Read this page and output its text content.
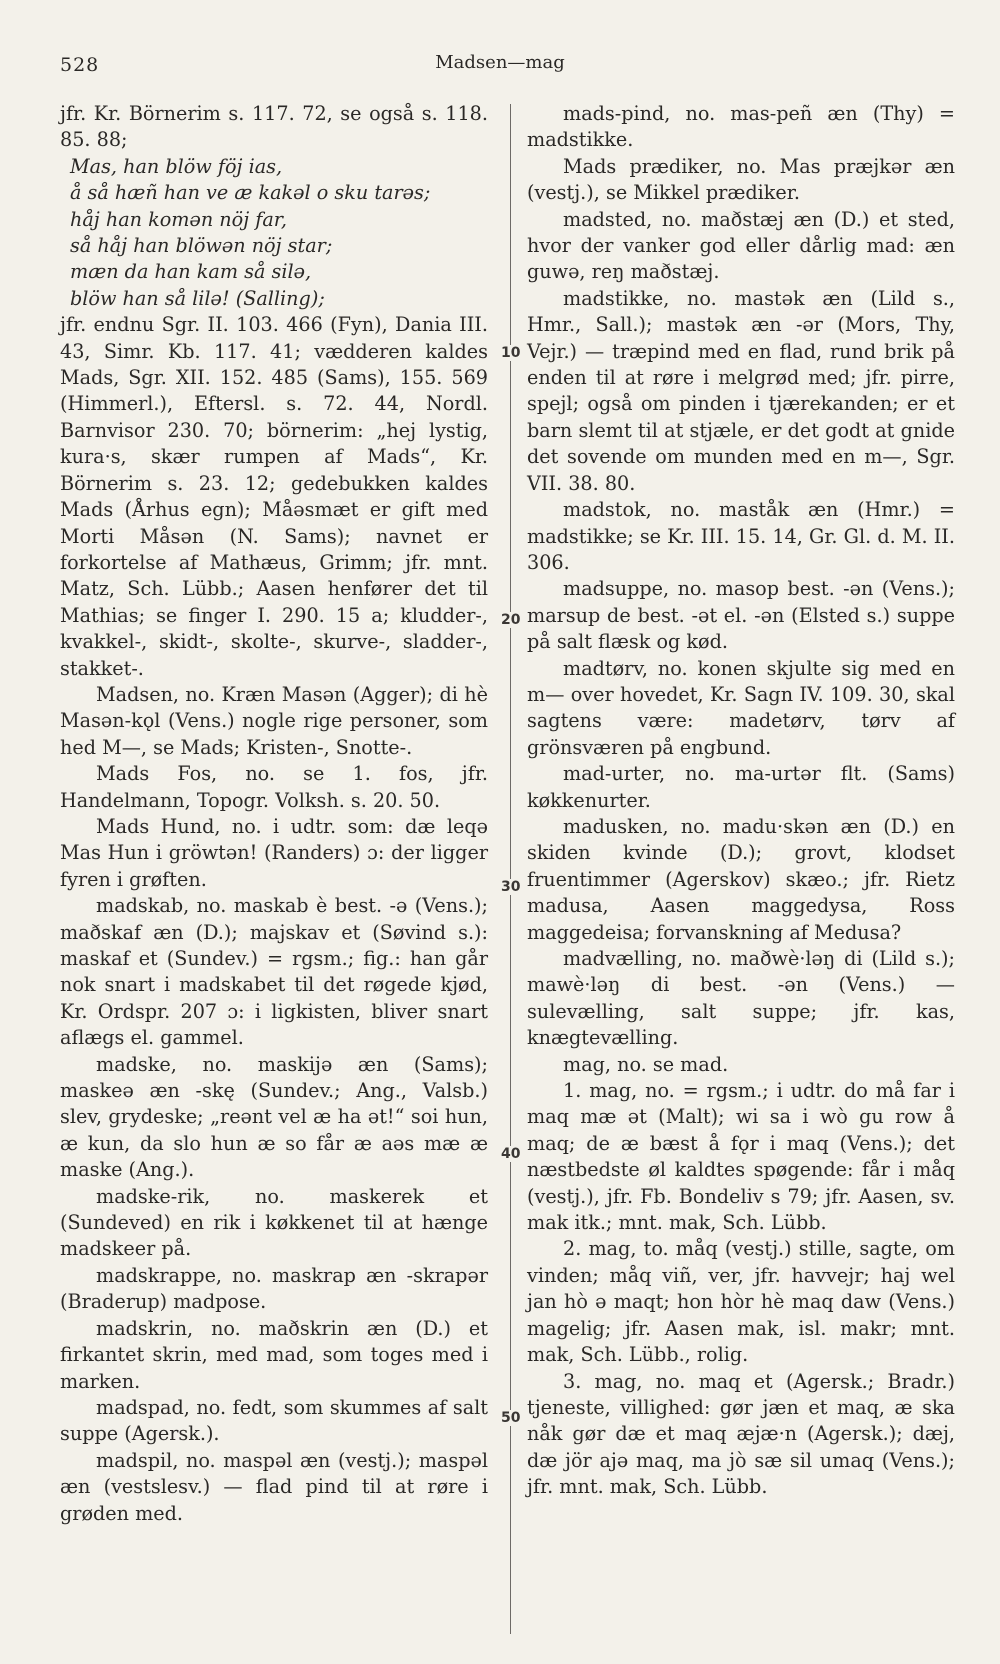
528	Madsen—mag

jfr. Kr. Börnerim s. 117. 72, se også s. 118. 85. 88;

Mas, han blöw föj ias,

å så hæñ han ve æ kakəl o sku tarəs;

håj han komən nöj far,

så håj han blöwən nöj star;

mæn da han kam så silə,

blöw han så lilə! (Salling);

jfr. endnu Sgr. II. 103. 466 (Fyn), Dania III. 43, Simr. Kb. 117. 41; vædderen kaldes Mads, Sgr. XII. 152. 485 (Sams), 155. 569 (Himmerl.), Eftersl. s. 72. 44, Nordl. Barnvisor 230. 70; börnerim: „hej lystig, kura·s, skær rumpen af Mads“, Kr. Börnerim s. 23. 12; gedebukken kaldes Mads (Århus egn); Måəsmæt er gift med Morti Måsən (N. Sams); navnet er forkortelse af Mathæus, Grimm; jfr. mnt. Matz, Sch. Lübb.; Aasen henfører det til Mathias; se finger I. 290. 15 a; kludder-, kvakkel-, skidt-, skolte-, skurve-, sladder-, stakket-.

Madsen, no. Kræn Masən (Agger); di hè Masən-kǫl (Vens.) nogle rige personer, som hed M—, se Mads; Kristen-, Snotte-.

Mads Fos, no. se 1. fos, jfr. Handelmann, Topogr. Volksh. s. 20. 50.

Mads Hund, no. i udtr. som: dæ leqə Mas Hun i gröwtən! (Randers) ɔ: der ligger fyren i grøften.

madskab, no. maskab è best. -ə (Vens.); maðskaf æn (D.); majskav et (Søvind s.): maskaf et (Sundev.) = rgsm.; fig.: han går nok snart i madskabet til det røgede kjød, Kr. Ordspr. 207 ɔ: i ligkisten, bliver snart aflægs el. gammel.

madske, no. maskijə æn (Sams); maskeə æn -skę (Sundev.; Ang., Valsb.) slev, grydeske; „reənt vel æ ha ət!“ soi hun, æ kun, da slo hun æ so får æ aəs mæ æ maske (Ang.).

madske-rik, no. maskerek et (Sundeved) en rik i køkkenet til at hænge madskeer på.

madskrappe, no. maskrap æn -skrapər (Braderup) madpose.

madskrin, no. maðskrin æn (D.) et firkantet skrin, med mad, som toges med i marken.

madspad, no. fedt, som skummes af salt suppe (Agersk.).

madspil, no. maspəl æn (vestj.); maspəl æn (vestslesv.) — flad pind til at røre i grøden med.

mads-pind, no. mas-peñ æn (Thy) = madstikke.

Mads prædiker, no. Mas præjkər æn (vestj.), se Mikkel prædiker.

madsted, no. maðstæj æn (D.) et sted, hvor der vanker god eller dårlig mad: æn guwə, reŋ maðstæj.

madstikke, no. mastək æn (Lild s., Hmr., Sall.); mastək æn -ər (Mors, Thy, Vejr.) — træpind med en flad, rund brik på enden til at røre i melgrød med; jfr. pirre, spejl; også om pinden i tjærekanden; er et barn slemt til at stjæle, er det godt at gnide det sovende om munden med en m—, Sgr. VII. 38. 80.

madstok, no. maståk æn (Hmr.) = madstikke; se Kr. III. 15. 14, Gr. Gl. d. M. II. 306.

madsuppe, no. masop best. -ən (Vens.); marsup de best. -ət el. -ən (Elsted s.) suppe på salt flæsk og kød.

madtørv, no. konen skjulte sig med en m— over hovedet, Kr. Sagn IV. 109. 30, skal sagtens være: madetørv, tørv af grönsværen på engbund.

mad-urter, no. ma-urtər flt. (Sams) køkkenurter.

madusken, no. madu·skən æn (D.) en skiden kvinde (D.); grovt, klodset fruentimmer (Agerskov) skæo.; jfr. Rietz madusa, Aasen maggedysa, Ross maggedeisa; forvanskning af Medusa?

madvælling, no. maðwè·ləŋ di (Lild s.); mawè·ləŋ di best. -ən (Vens.) — sulevælling, salt suppe; jfr. kas, knægtevælling.

mag, no. se mad.

1. mag, no. = rgsm.; i udtr. do må far i maq mæ ət (Malt); wi sa i wò gu row å maq; de æ bæst å fǫr i maq (Vens.); det næstbedste øl kaldtes spøgende: får i måq (vestj.), jfr. Fb. Bondeliv s 79; jfr. Aasen, sv. mak itk.; mnt. mak, Sch. Lübb.

2. mag, to. måq (vestj.) stille, sagte, om vinden; måq viñ, ver, jfr. havvejr; haj wel jan hò ə maqt; hon hòr hè maq daw (Vens.) magelig; jfr. Aasen mak, isl. makr; mnt. mak, Sch. Lübb., rolig.

3. mag, no. maq et (Agersk.; Bradr.) tjeneste, villighed: gør jæn et maq, æ ska nåk gør dæ et maq æjæ·n (Agersk.); dæj, dæ jör ajə maq, ma jò sæ sil umaq (Vens.); jfr. mnt. mak, Sch. Lübb.

10
20
30
40
50
